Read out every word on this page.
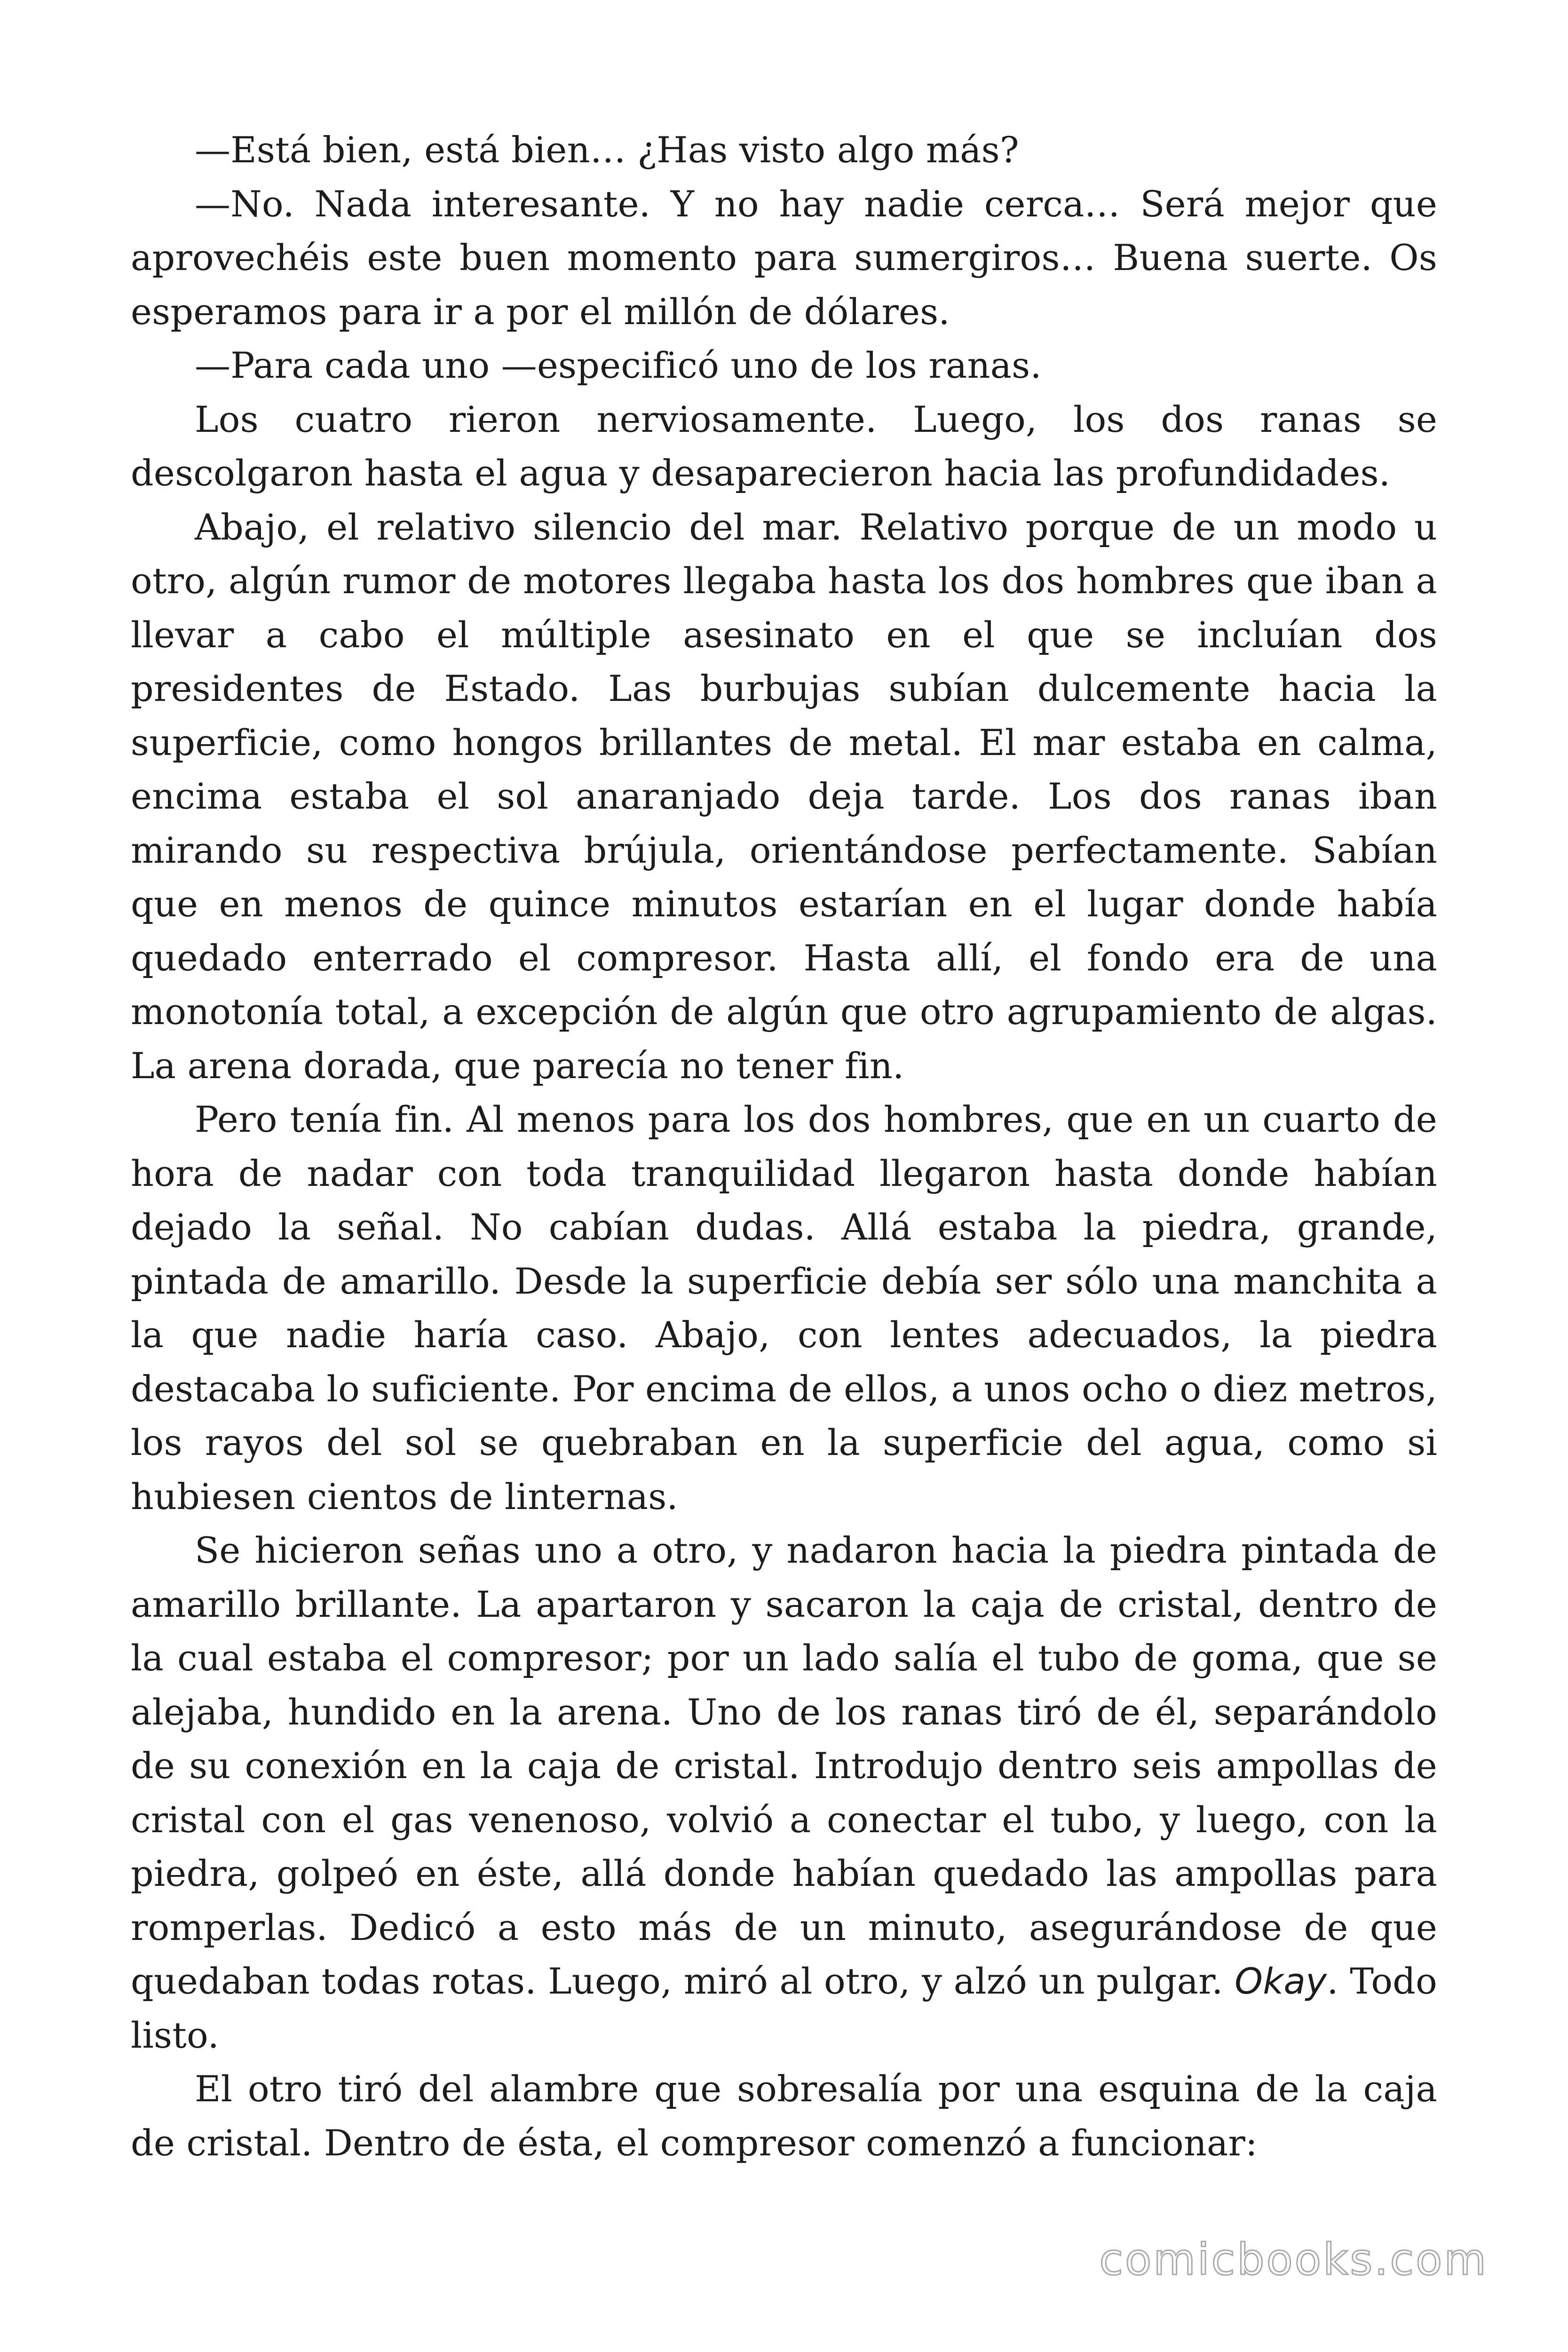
—Está bien, está bien… ¿Has visto algo más?

—No. Nada interesante. Y no hay nadie cerca… Será mejor que aprovechéis este buen momento para sumergiros… Buena suerte. Os esperamos para ir a por el millón de dólares.

—Para cada uno —especificó uno de los ranas.

Los cuatro rieron nerviosamente. Luego, los dos ranas se descolgaron hasta el agua y desaparecieron hacia las profundidades.

Abajo, el relativo silencio del mar. Relativo porque de un modo u otro, algún rumor de motores llegaba hasta los dos hombres que iban a llevar a cabo el múltiple asesinato en el que se incluían dos presidentes de Estado. Las burbujas subían dulcemente hacia la superficie, como hongos brillantes de metal. El mar estaba en calma, encima estaba el sol anaranjado deja tarde. Los dos ranas iban mirando su respectiva brújula, orientándose perfectamente. Sabían que en menos de quince minutos estarían en el lugar donde había quedado enterrado el compresor. Hasta allí, el fondo era de una monotonía total, a excepción de algún que otro agrupamiento de algas. La arena dorada, que parecía no tener fin.

Pero tenía fin. Al menos para los dos hombres, que en un cuarto de hora de nadar con toda tranquilidad llegaron hasta donde habían dejado la señal. No cabían dudas. Allá estaba la piedra, grande, pintada de amarillo. Desde la superficie debía ser sólo una manchita a la que nadie haría caso. Abajo, con lentes adecuados, la piedra destacaba lo suficiente. Por encima de ellos, a unos ocho o diez metros, los rayos del sol se quebraban en la superficie del agua, como si hubiesen cientos de linternas.

Se hicieron señas uno a otro, y nadaron hacia la piedra pintada de amarillo brillante. La apartaron y sacaron la caja de cristal, dentro de la cual estaba el compresor; por un lado salía el tubo de goma, que se alejaba, hundido en la arena. Uno de los ranas tiró de él, separándolo de su conexión en la caja de cristal. Introdujo dentro seis ampollas de cristal con el gas venenoso, volvió a conectar el tubo, y luego, con la piedra, golpeó en éste, allá donde habían quedado las ampollas para romperlas. Dedicó a esto más de un minuto, asegurándose de que quedaban todas rotas. Luego, miró al otro, y alzó un pulgar. Okay. Todo listo.

El otro tiró del alambre que sobresalía por una esquina de la caja de cristal. Dentro de ésta, el compresor comenzó a funcionar:

comicbooks.com
